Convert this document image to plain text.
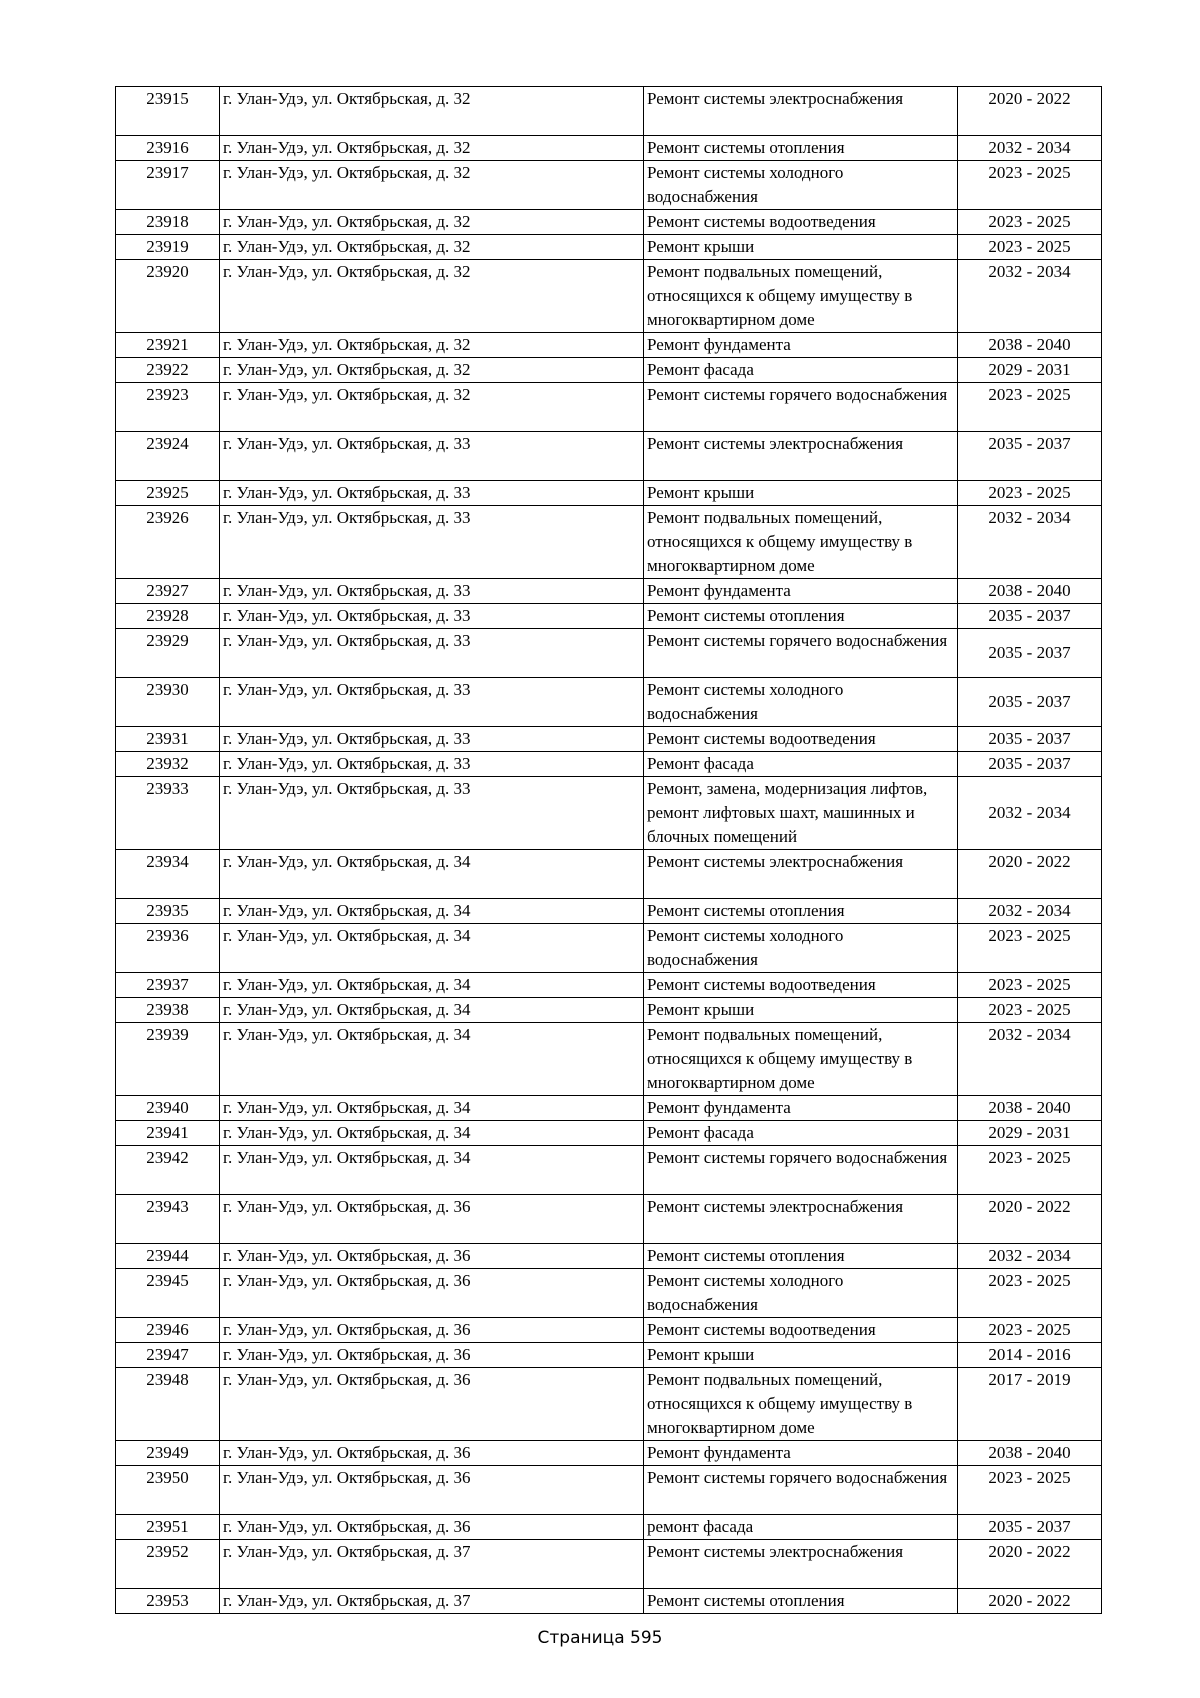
23915	г. Улан-Удэ, ул. Октябрьская, д. 32	Ремонт системы электроснабжения	2020 - 2022
23916	г. Улан-Удэ, ул. Октябрьская, д. 32	Ремонт системы отопления	2032 - 2034
23917	г. Улан-Удэ, ул. Октябрьская, д. 32	Ремонт системы холодного водоснабжения	2023 - 2025
23918	г. Улан-Удэ, ул. Октябрьская, д. 32	Ремонт системы водоотведения	2023 - 2025
23919	г. Улан-Удэ, ул. Октябрьская, д. 32	Ремонт крыши	2023 - 2025
23920	г. Улан-Удэ, ул. Октябрьская, д. 32	Ремонт подвальных помещений, относящихся к общему имуществу в многоквартирном доме	2032 - 2034
23921	г. Улан-Удэ, ул. Октябрьская, д. 32	Ремонт фундамента	2038 - 2040
23922	г. Улан-Удэ, ул. Октябрьская, д. 32	Ремонт фасада	2029 - 2031
23923	г. Улан-Удэ, ул. Октябрьская, д. 32	Ремонт системы горячего водоснабжения	2023 - 2025
23924	г. Улан-Удэ, ул. Октябрьская, д. 33	Ремонт системы электроснабжения	2035 - 2037
23925	г. Улан-Удэ, ул. Октябрьская, д. 33	Ремонт крыши	2023 - 2025
23926	г. Улан-Удэ, ул. Октябрьская, д. 33	Ремонт подвальных помещений, относящихся к общему имуществу в многоквартирном доме	2032 - 2034
23927	г. Улан-Удэ, ул. Октябрьская, д. 33	Ремонт фундамента	2038 - 2040
23928	г. Улан-Удэ, ул. Октябрьская, д. 33	Ремонт системы отопления	2035 - 2037
23929	г. Улан-Удэ, ул. Октябрьская, д. 33	Ремонт системы горячего водоснабжения	2035 - 2037
23930	г. Улан-Удэ, ул. Октябрьская, д. 33	Ремонт системы холодного водоснабжения	2035 - 2037
23931	г. Улан-Удэ, ул. Октябрьская, д. 33	Ремонт системы водоотведения	2035 - 2037
23932	г. Улан-Удэ, ул. Октябрьская, д. 33	Ремонт фасада	2035 - 2037
23933	г. Улан-Удэ, ул. Октябрьская, д. 33	Ремонт, замена, модернизация лифтов, ремонт лифтовых шахт, машинных и блочных помещений	2032 - 2034
23934	г. Улан-Удэ, ул. Октябрьская, д. 34	Ремонт системы электроснабжения	2020 - 2022
23935	г. Улан-Удэ, ул. Октябрьская, д. 34	Ремонт системы отопления	2032 - 2034
23936	г. Улан-Удэ, ул. Октябрьская, д. 34	Ремонт системы холодного водоснабжения	2023 - 2025
23937	г. Улан-Удэ, ул. Октябрьская, д. 34	Ремонт системы водоотведения	2023 - 2025
23938	г. Улан-Удэ, ул. Октябрьская, д. 34	Ремонт крыши	2023 - 2025
23939	г. Улан-Удэ, ул. Октябрьская, д. 34	Ремонт подвальных помещений, относящихся к общему имуществу в многоквартирном доме	2032 - 2034
23940	г. Улан-Удэ, ул. Октябрьская, д. 34	Ремонт фундамента	2038 - 2040
23941	г. Улан-Удэ, ул. Октябрьская, д. 34	Ремонт фасада	2029 - 2031
23942	г. Улан-Удэ, ул. Октябрьская, д. 34	Ремонт системы горячего водоснабжения	2023 - 2025
23943	г. Улан-Удэ, ул. Октябрьская, д. 36	Ремонт системы электроснабжения	2020 - 2022
23944	г. Улан-Удэ, ул. Октябрьская, д. 36	Ремонт системы отопления	2032 - 2034
23945	г. Улан-Удэ, ул. Октябрьская, д. 36	Ремонт системы холодного водоснабжения	2023 - 2025
23946	г. Улан-Удэ, ул. Октябрьская, д. 36	Ремонт системы водоотведения	2023 - 2025
23947	г. Улан-Удэ, ул. Октябрьская, д. 36	Ремонт крыши	2014 - 2016
23948	г. Улан-Удэ, ул. Октябрьская, д. 36	Ремонт подвальных помещений, относящихся к общему имуществу в многоквартирном доме	2017 - 2019
23949	г. Улан-Удэ, ул. Октябрьская, д. 36	Ремонт фундамента	2038 - 2040
23950	г. Улан-Удэ, ул. Октябрьская, д. 36	Ремонт системы горячего водоснабжения	2023 - 2025
23951	г. Улан-Удэ, ул. Октябрьская, д. 36	ремонт фасада	2035 - 2037
23952	г. Улан-Удэ, ул. Октябрьская, д. 37	Ремонт системы электроснабжения	2020 - 2022
23953	г. Улан-Удэ, ул. Октябрьская, д. 37	Ремонт системы отопления	2020 - 2022
Страница 595
